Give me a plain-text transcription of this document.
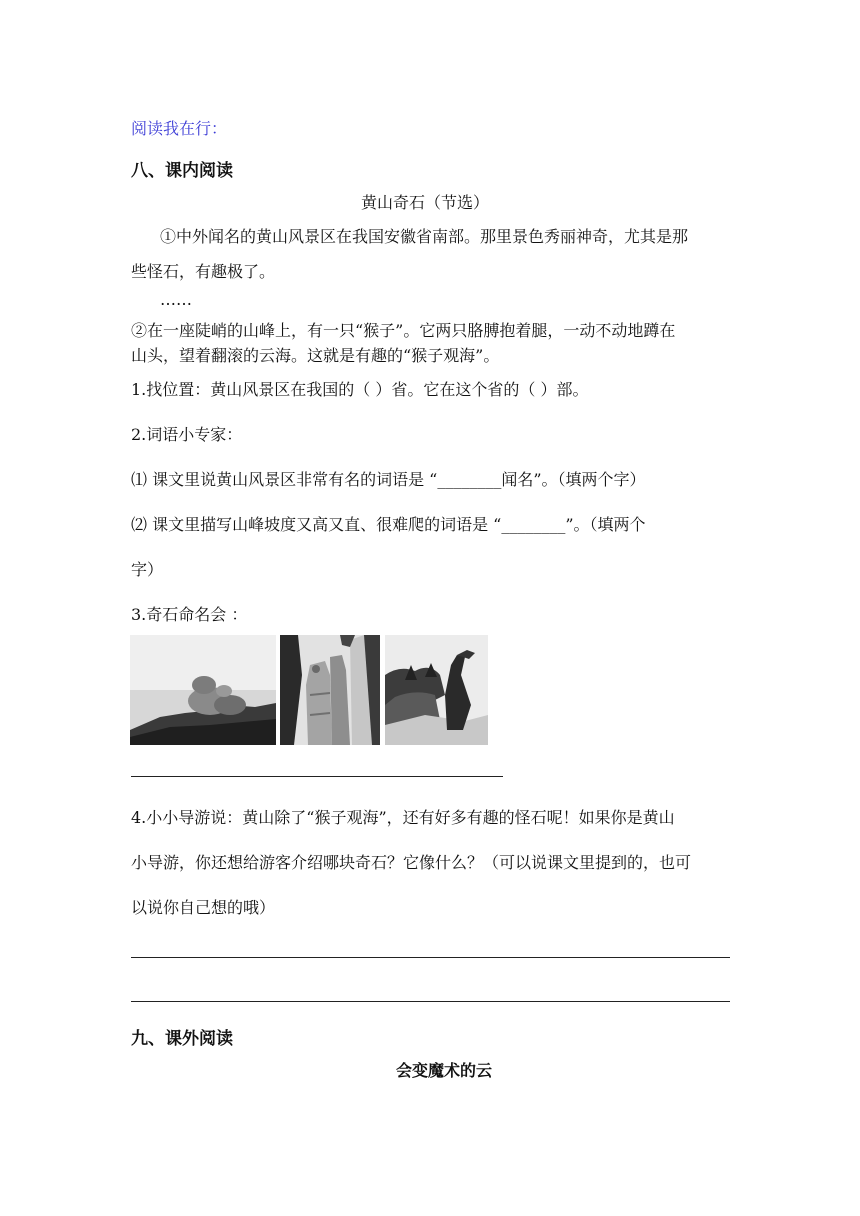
阅读我在行：
八、课内阅读
黄山奇石（节选）
①中外闻名的黄山风景区在我国安徽省南部。那里景色秀丽神奇，尤其是那
些怪石，有趣极了。
……
②在一座陡峭的山峰上，有一只“猴子”。它两只胳膊抱着腿，一动不动地蹲在
山头，望着翻滚的云海。这就是有趣的“猴子观海”。
1.找位置：黄山风景区在我国的（ ）省。它在这个省的（ ）部。
2.词语小专家：
⑴ 课文里说黄山风景区非常有名的词语是 “________闻名”。（填两个字）
⑵ 课文里描写山峰坡度又高又直、很难爬的词语是 “________”。（填两个
字）
3.奇石命名会 ：
4.小小导游说：黄山除了“猴子观海”，还有好多有趣的怪石呢！如果你是黄山
小导游，你还想给游客介绍哪块奇石？它像什么？（可以说课文里提到的，也可
以说你自己想的哦）
九、课外阅读
会变魔术的云
